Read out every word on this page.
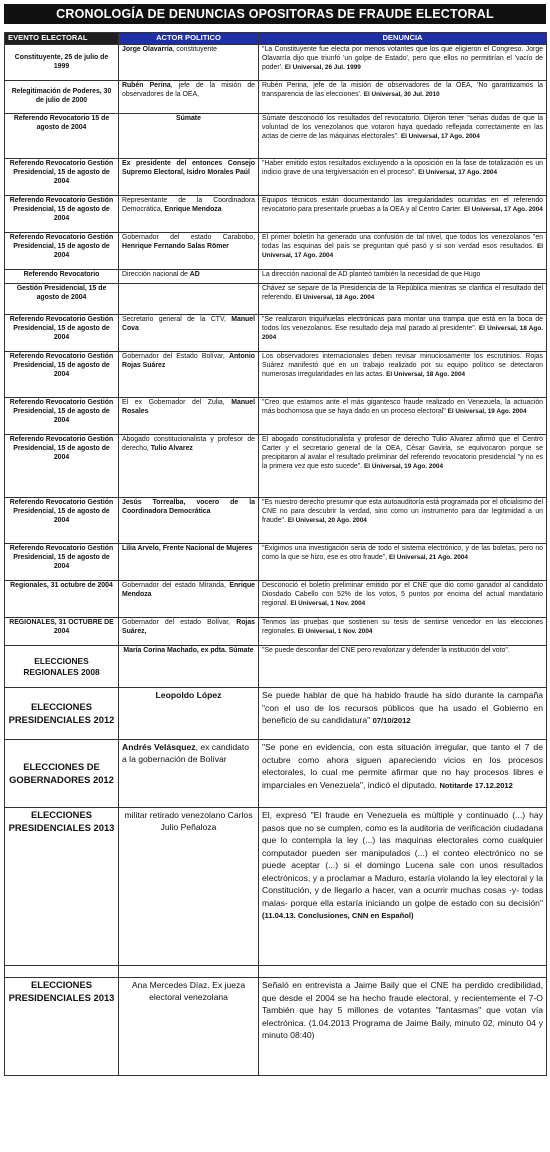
CRONOLOGÍA DE DENUNCIAS OPOSITORAS DE FRAUDE ELECTORAL
EVENTO ELECTORAL	ACTOR POLITICO	DENUNCIA
Constituyente, 25 de julio de 1999	Jorge Olavarría, constituyente	"La Constituyente fue electa por menos votantes que los que eligieron el Congreso. Jorge Olavarría dijo que triunfó 'un golpe de Estado', pero que ellos no permitirían el 'vacío de poder'. El Universal, 26 Jul. 1999
Relegitimación de Poderes, 30 de julio de 2000	Rubén Perina, jefe de la misión de observadores de la OEA,	Rubén Perina, jefe de la misión de observadores de la OEA, 'No garantizamos la transparencia de las elecciones'. El Universal, 30 Jul. 2010
Referendo Revocatorio 15 de agosto de 2004	Súmate	Súmate desconoció los resultados del revocatorio. Dijeron tener "serias dudas de que la voluntad de los venezolanos que votaron haya quedado reflejada correctamente en las actas de cierre de las máquinas electorales". El Universal, 17 Ago. 2004
Referendo Revocatorio Gestión Presidencial, 15 de agosto de 2004	Ex presidente del entonces Consejo Supremo Electoral, Isidro Morales Paúl	"Haber emitido estos resultados excluyendo a la oposición en la fase de totalización es un indicio grave de una tergiversación en el proceso". El Universal, 17 Ago. 2004
Referendo Revocatorio Gestión Presidencial, 15 de agosto de 2004	Representante de la Coordinadora Democrática, Enrique Mendoza	Equipos técnicos están documentando las irregularidades ocurridas en el referendo revocatorio para presentarle pruebas a la OEA y al Centro Carter. El Universal, 17 Ago. 2004
Referendo Revocatorio Gestión Presidencial, 15 de agosto de 2004	Gobernador del estado Carabobo, Henrique Fernando Salas Römer	El primer boletín ha generado una confusión de tal nivel, que todos los venezolanos "en todas las esquinas del país se preguntan qué pasó y si son verdad esos resultados. El Universal, 17 Ago. 2004
Referendo Revocatorio	Dirección nacional de AD	La dirección nacional de AD planteó también la necesidad de que Hugo
Gestión Presidencial, 15 de agosto de 2004		Chávez se separe de la Presidencia de la República mientras se clarifica el resultado del referendo. El Universal, 18 Ago. 2004
Referendo Revocatorio Gestión Presidencial, 15 de agosto de 2004	Secretario general de la CTV, Manuel Cova	"Se realizaron triquiñuelas electrónicas para montar una trampa que está en la boca de todos los venezolanos. Ese resultado deja mal parado al presidente". El Universal, 18 Ago. 2004
Referendo Revocatorio Gestión Presidencial, 15 de agosto de 2004	Gobernador del Estado Bolívar, Antonio Rojas Suárez	Los observadores internacionales deben revisar minuciosamente los escrutinios. Rojas Suárez manifestó que en un trabajo realizado por su equipo político se detectaron numerosas irregularidades en las actas. El Universal, 18 Ago. 2004
Referendo Revocatorio Gestión Presidencial, 15 de agosto de 2004	El ex Gobernador del Zulia, Manuel Rosales	"Creo que estamos ante el más gigantesco fraude realizado en Venezuela, la actuación más bochornosa que se haya dado en un proceso electoral" El Universal, 19 Ago. 2004
Referendo Revocatorio Gestión Presidencial, 15 de agosto de 2004	Abogado constitucionalista y profesor de derecho, Tulio Alvarez	El abogado constitucionalista y profesor de derecho Tulio Alvarez afirmó que el Centro Carter y el secretario general de la OEA, César Gaviria, se equivocaron porque se precipitaron al avalar el resultado preliminar del referendo revocatorio presidencial "y no es la primera vez que esto sucede". El Universal, 19 Ago. 2004
Referendo Revocatorio Gestión Presidencial, 15 de agosto de 2004	Jesús Torrealba, vocero de la Coordinadora Democrática	"Es nuestro derecho presumir que esta autoauditoría está programada por el oficialismo del CNE no para descubrir la verdad, sino como un instrumento para dar legitimidad a un fraude". El Universal, 20 Ago. 2004
Referendo Revocatorio Gestión Presidencial, 15 de agosto de 2004	Lilia Arvelo, Frente Nacional de Mujeres	"Exigimos una investigación seria de todo el sistema electrónico, y de las boletas, pero no como la que se hizo, ese es otro fraude", El Universal, 21 Ago. 2004
Regionales, 31 octubre de 2004	Gobernador del estado Miranda, Enrique Mendoza	Desconoció el boletín preliminar emitido por el CNE que dio como ganador al candidato Diosdado Cabello con 52% de los votos, 5 puntos por encima del actual mandatario regional. El Universal, 1 Nov. 2004
REGIONALES, 31 OCTUBRE DE 2004	Gobernador del estado Bolívar, Rojas Suárez,	Tenmos las pruebas que sostienen su tesis de sentirse vencedor en las elecciones regionales. El Universal, 1 Nov. 2004
ELECCIONES REGIONALES 2008	María Corina Machado, ex pdta. Súmate	"Se puede desconfiar del CNE pero revalorizar y defender la institución del voto".
ELECCIONES PRESIDENCIALES 2012	Leopoldo López	Se puede hablar de que ha habido fraude ha sido durante la campaña "con el uso de los recursos públicos que ha usado el Gobierno en beneficio de su candidatura" 07/10/2012
ELECCIONES DE GOBERNADORES 2012	Andrés Velásquez, ex candidato a la gobernación de Bolívar	"Se pone en evidencia, con esta situación irregular, que tanto el 7 de octubre como ahora siguen apareciendo vicios en los procesos electorales, lo cual me permite afirmar que no hay procesos libres e imparciales en Venezuela", indicó el diputado. Notitarde 17.12.2012
ELECCIONES PRESIDENCIALES 2013	militar retirado venezolano Carlos Julio Peñaloza	El, expresó "El fraude en Venezuela es múltiple y continuado (...) hay pasos que no se cumplen, como es la auditoría de verificación ciudadana que lo contempla la ley (...) las maquinas electorales como cualquier computador pueden ser manipulados (...) el conteo electrónico no se puede aceptar (...) si el domingo Lucena sale con unos resultados electrónicos, y a proclamar a Maduro, estaría violando la ley electoral y la Constitución, y de llegarlo a hacer, van a ocurrir muchas cosas -y- todas malas- porque ella estaría iniciando un golpe de estado con su decisión" (11.04.13. Conclusiones, CNN en Español)

ELECCIONES PRESIDENCIALES 2013	Ana Mercedes Díaz. Ex jueza electoral venezolana	Señaló en entrevista a Jaime Baily que el CNE ha perdido credibilidad, que desde el 2004 se ha hecho fraude electoral, y recientemente el 7-O También que hay 5 millones de votantes "fantasmas" que votan vía electrónica. (1.04.2013 Programa de Jaime Baily, minuto 02, minuto 04 y minuto 08:40)
